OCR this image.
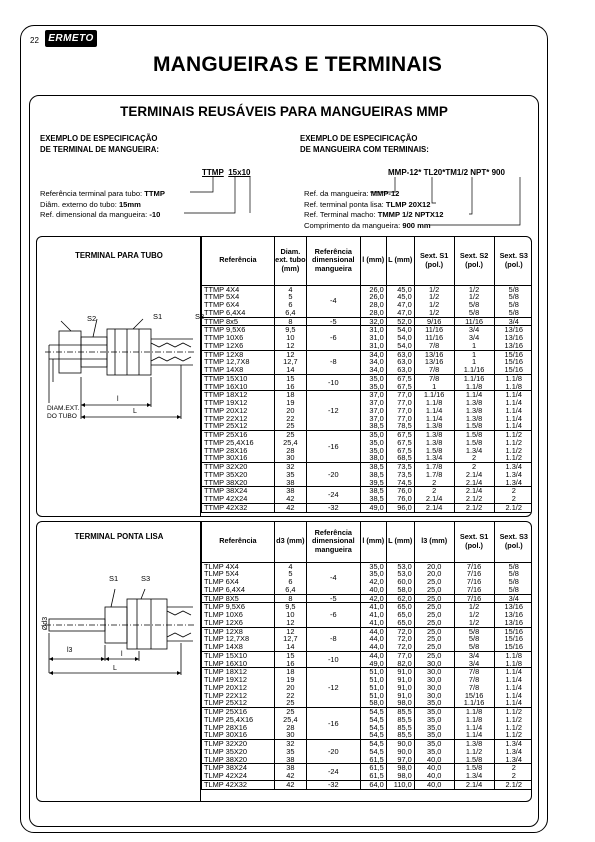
22 ERMETO
MANGUEIRAS E TERMINAIS
TERMINAIS REUSÁVEIS PARA MANGUEIRAS MMP
EXEMPLO DE ESPECIFICAÇÃO
DE TERMINAL DE MANGUEIRA:
EXEMPLO DE ESPECIFICAÇÃO
DE MANGUEIRA COM TERMINAIS:
TTMP 15x10	MMP-12* TL20*TM1/2 NPT* 900
Referência terminal para tubo: TTMP
Diâm. externo do tubo: 15mm
Ref. dimensional da mangueira: -10
Ref. da mangueira: MMP-12
Ref. terminal ponta lisa: TLMP 20X12
Ref. Terminal macho: TMMP 1/2 NPTX12
Comprimento da mangueira: 900 mm
TERMINAL PARA TUBO
S2	S1	S3
DIAM.EXT.
DO TUBO
l
L
Referência	Diam. ext. tubo (mm)	Referência dimensional mangueira	l (mm)	L (mm)	Sext. S1 (pol.)	Sext. S2 (pol.)	Sext. S3 (pol.)
TTMP 4X4	4	-4	26,0	45,0	1/2	1/2	5/8
TTMP 5X4	5		26,0	45,0	1/2	1/2	5/8
TTMP 6X4	6		28,0	47,0	1/2	5/8	5/8
TTMP 6,4X4	6,4		28,0	47,0	1/2	5/8	5/8
TTMP 8x5	8	-5	32,0	52,0	9/16	11/16	3/4
TTMP 9,5X6	9,5	-6	31,0	54,0	11/16	3/4	13/16
TTMP 10X6	10		31,0	54,0	11/16	3/4	13/16
TTMP 12X6	12		31,0	54,0	7/8	1	13/16
TTMP 12X8	12	-8	34,0	63,0	13/16	1	15/16
TTMP 12,7X8	12,7		34,0	63,0	13/16	1	15/16
TTMP 14X8	14		34,0	63,0	7/8	1.1/16	15/16
TTMP 15X10	15	-10	35,0	67,5	7/8	1.1/16	1.1/8
TTMP 16X10	16		35,0	67,5	1	1.1/8	1.1/8
TTMP 18X12	18	-12	37,0	77,0	1.1/16	1.1/4	1.1/4
TTMP 19X12	19		37,0	77,0	1.1/8	1.3/8	1.1/4
TTMP 20X12	20		37,0	77,0	1.1/4	1.3/8	1.1/4
TTMP 22X12	22		37,0	77,0	1.1/4	1.3/8	1.1/4
TTMP 25X12	25		38,5	78,5	1.3/8	1.5/8	1.1/4
TTMP 25X16	25	-16	35,0	67,5	1.3/8	1.5/8	1.1/2
TTMP 25,4X16	25,4		35,0	67,5	1.3/8	1.5/8	1.1/2
TTMP 28X16	28		35,0	67,5	1.5/8	1.3/4	1.1/2
TTMP 30X16	30		38,0	68,5	1.3/4	2	1.1/2
TTMP 32X20	32	-20	38,5	73,5	1.7/8	2	1.3/4
TTMP 35X20	35		38,5	73,5	1.7/8	2.1/4	1.3/4
TTMP 38X20	38		39,5	74,5	2	2.1/4	1.3/4
TTMP 38X24	38	-24	38,5	76,0	2	2.1/4	2
TTMP 42X24	42		38,5	76,0	2.1/4	2.1/2	2
TTMP 42X32	42	-32	49,0	96,0	2.1/4	2.1/2	2.1/2
TERMINAL PONTA LISA
S1	S3
Ød3
l3
l
L
Referência	d3 (mm)	Referência dimensional mangueira	l (mm)	L (mm)	l3 (mm)	Sext. S1 (pol.)	Sext. S3 (pol.)
TLMP 4X4	4	-4	35,0	53,0	20,0	7/16	5/8
TLMP 5X4	5		35,0	53,0	20,0	7/16	5/8
TLMP 6X4	6		42,0	60,0	25,0	7/16	5/8
TLMP 6,4X4	6,4		40,0	58,0	25,0	7/16	5/8
TLMP 8X5	8	-5	42,0	62,0	25,0	7/16	3/4
TLMP 9,5X6	9,5	-6	41,0	65,0	25,0	1/2	13/16
TLMP 10X6	10		41,0	65,0	25,0	1/2	13/16
TLMP 12X6	12		41,0	65,0	25,0	1/2	13/16
TLMP 12X8	12	-8	44,0	72,0	25,0	5/8	15/16
TLMP 12,7X8	12,7		44,0	72,0	25,0	5/8	15/16
TLMP 14X8	14		44,0	72,0	25,0	5/8	15/16
TLMP 15X10	15	-10	44,0	77,0	25,0	3/4	1.1/8
TLMP 16X10	16		49,0	82,0	30,0	3/4	1.1/8
TLMP 18X12	18	-12	51,0	91,0	30,0	7/8	1.1/4
TLMP 19X12	19		51,0	91,0	30,0	7/8	1.1/4
TLMP 20X12	20		51,0	91,0	30,0	7/8	1.1/4
TLMP 22X12	22		51,0	91,0	30,0	15/16	1.1/4
TLMP 25X12	25		58,0	98,0	35,0	1.1/16	1.1/4
TLMP 25X16	25	-16	54,5	85,5	35,0	1.1/8	1.1/2
TLMP 25,4X16	25,4		54,5	85,5	35,0	1.1/8	1.1/2
TLMP 28X16	28		54,5	85,5	35,0	1.1/4	1.1/2
TLMP 30X16	30		54,5	85,5	35,0	1.1/4	1.1/2
TLMP 32X20	32	-20	54,5	90,0	35,0	1.3/8	1.3/4
TLMP 35X20	35		54,5	90,0	35,0	1.1/2	1.3/4
TLMP 38X20	38		61,5	97,0	40,0	1.5/8	1.3/4
TLMP 38X24	38	-24	61,5	98,0	40,0	1.5/8	2
TLMP 42X24	42		61,5	98,0	40,0	1.3/4	2
TLMP 42X32	42	-32	64,0	110,0	40,0	2.1/4	2.1/2
